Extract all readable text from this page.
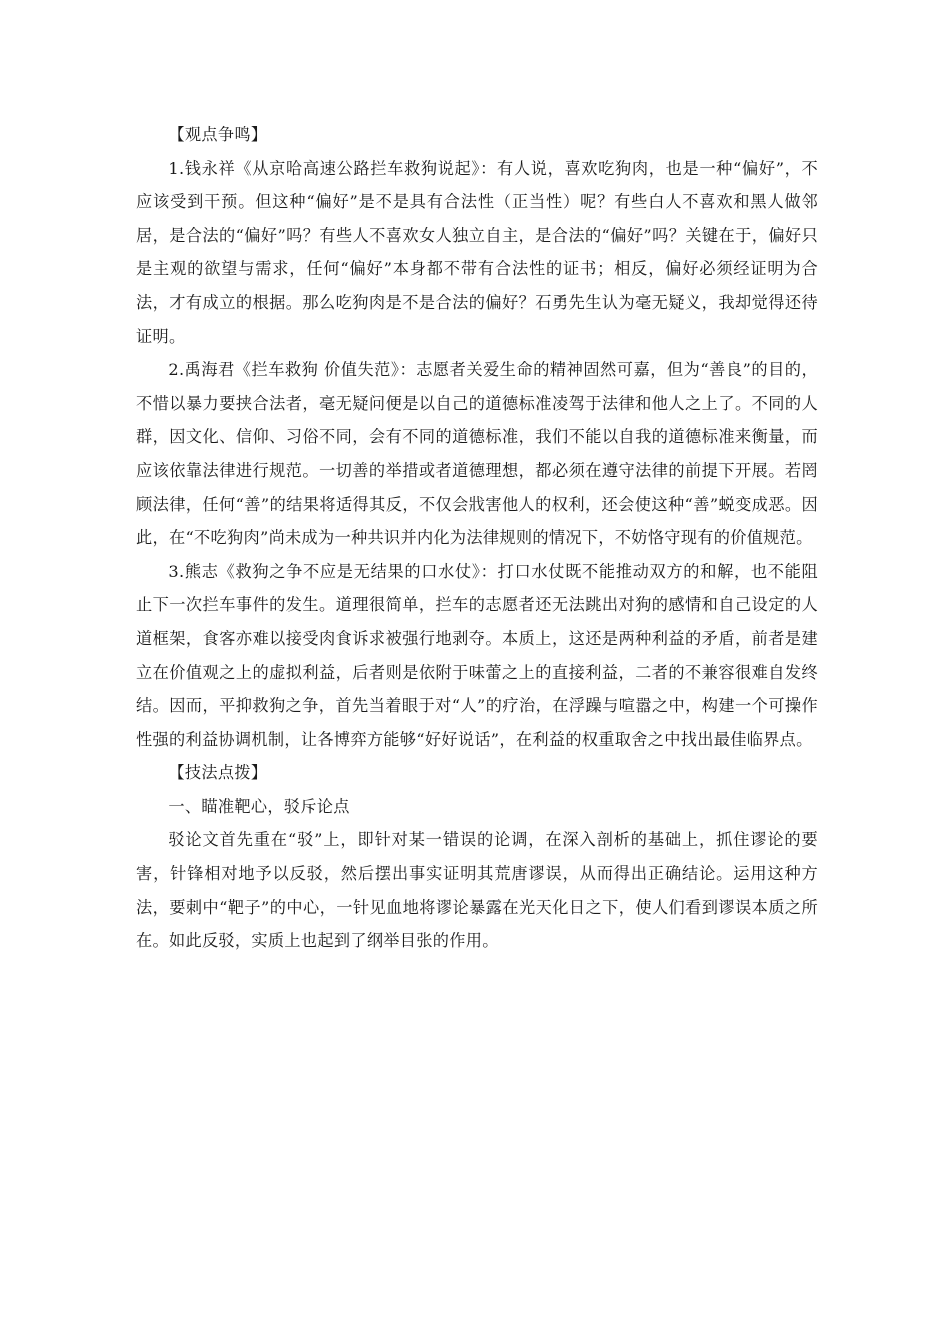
【观点争鸣】

1.钱永祥《从京哈高速公路拦车救狗说起》：有人说，喜欢吃狗肉，也是一种“偏好”，不应该受到干预。但这种“偏好”是不是具有合法性（正当性）呢？有些白人不喜欢和黑人做邻居，是合法的“偏好”吗？有些人不喜欢女人独立自主，是合法的“偏好”吗？关键在于，偏好只是主观的欲望与需求，任何“偏好”本身都不带有合法性的证书；相反，偏好必须经证明为合法，才有成立的根据。那么吃狗肉是不是合法的偏好？石勇先生认为毫无疑义，我却觉得还待证明。

2.禹海君《拦车救狗 价值失范》：志愿者关爱生命的精神固然可嘉，但为“善良”的目的，不惜以暴力要挟合法者，毫无疑问便是以自己的道德标准凌驾于法律和他人之上了。不同的人群，因文化、信仰、习俗不同，会有不同的道德标准，我们不能以自我的道德标准来衡量，而应该依靠法律进行规范。一切善的举措或者道德理想，都必须在遵守法律的前提下开展。若罔顾法律，任何“善”的结果将适得其反，不仅会戕害他人的权利，还会使这种“善”蜕变成恶。因此，在“不吃狗肉”尚未成为一种共识并内化为法律规则的情况下，不妨恪守现有的价值规范。

3.熊志《救狗之争不应是无结果的口水仗》：打口水仗既不能推动双方的和解，也不能阻止下一次拦车事件的发生。道理很简单，拦车的志愿者还无法跳出对狗的感情和自己设定的人道框架，食客亦难以接受肉食诉求被强行地剥夺。本质上，这还是两种利益的矛盾，前者是建立在价值观之上的虚拟利益，后者则是依附于味蕾之上的直接利益，二者的不兼容很难自发终结。因而，平抑救狗之争，首先当着眼于对“人”的疗治，在浮躁与喧嚣之中，构建一个可操作性强的利益协调机制，让各博弈方能够“好好说话”，在利益的权重取舍之中找出最佳临界点。

【技法点拨】

一、瞄准靶心，驳斥论点

驳论文首先重在“驳”上，即针对某一错误的论调，在深入剖析的基础上，抓住谬论的要害，针锋相对地予以反驳，然后摆出事实证明其荒唐谬误，从而得出正确结论。运用这种方法，要刺中“靶子”的中心，一针见血地将谬论暴露在光天化日之下，使人们看到谬误本质之所在。如此反驳，实质上也起到了纲举目张的作用。
